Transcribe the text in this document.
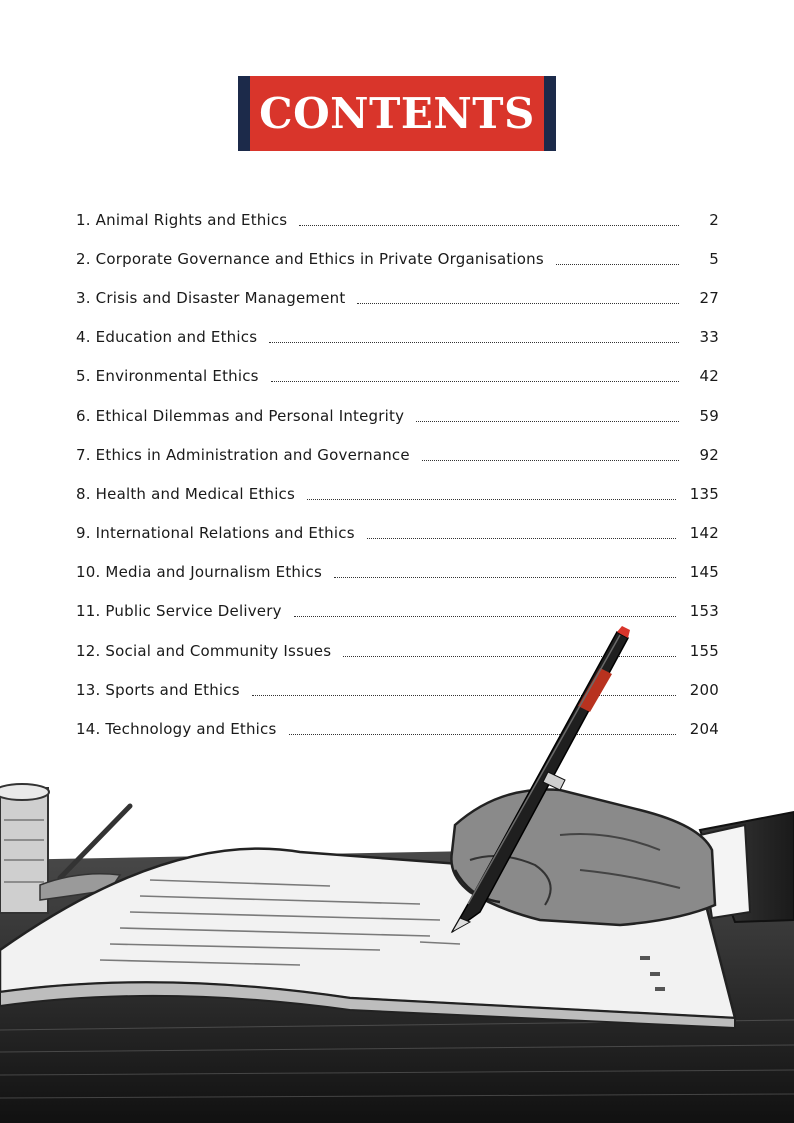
CONTENTS
1. Animal Rights and Ethics	2
2. Corporate Governance and Ethics in Private Organisations	5
3. Crisis and Disaster Management	27
4. Education and Ethics	33
5. Environmental Ethics	42
6. Ethical Dilemmas and Personal Integrity	59
7. Ethics in Administration and Governance	92
8. Health and Medical Ethics	135
9. International Relations and Ethics	142
10. Media and Journalism Ethics	145
11. Public Service Delivery	153
12. Social and Community Issues	155
13. Sports and Ethics	200
14. Technology and Ethics	204
